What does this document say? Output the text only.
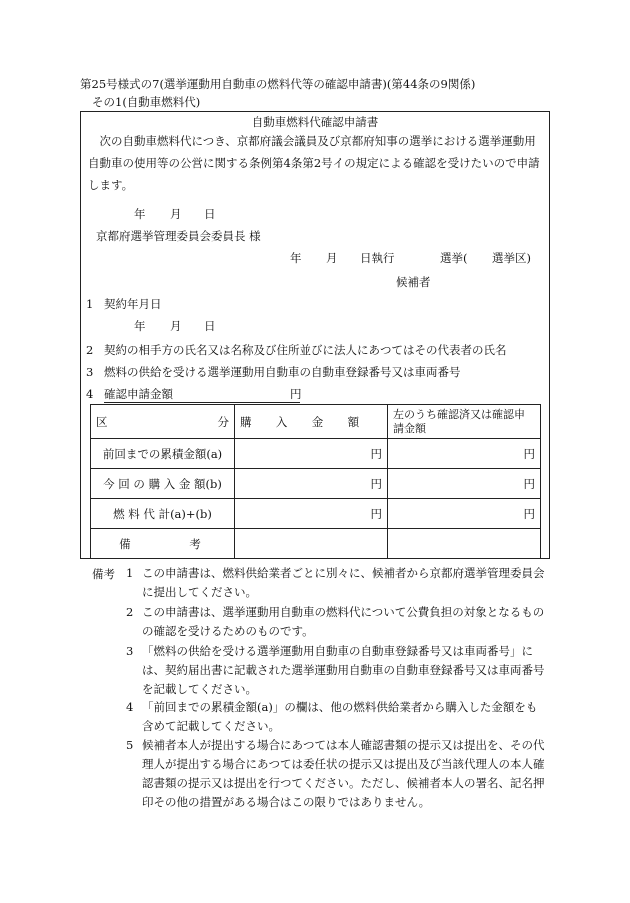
第25号様式の7(選挙運動用自動車の燃料代等の確認申請書)(第44条の9関係)
その1(自動車燃料代)
自動車燃料代確認申請書
次の自動車燃料代につき、京都府議会議員及び京都府知事の選挙における選挙運動用自動車の使用等の公営に関する条例第4条第2号イの規定による確認を受けたいので申請します。
年 月 日
京都府選挙管理委員会委員長 様
年 月 日執行	選挙( 選挙区)
候補者
1 契約年月日
年 月 日
2 契約の相手方の氏名又は名称及び住所並びに法人にあつてはその代表者の氏名
3 燃料の供給を受ける選挙運動用自動車の自動車登録番号又は車両番号
4 確認申請金額	円
区 分	購 入 金 額	左のうち確認済又は確認申請金額
前回までの累積金額(a)	円	円
今 回 の 購 入 金 額(b)	円	円
燃 料 代 計(a)+(b)	円	円
備 考		
備考 1 この申請書は、燃料供給業者ごとに別々に、候補者から京都府選挙管理委員会に提出してください。
2 この申請書は、選挙運動用自動車の燃料代について公費負担の対象となるものの確認を受けるためのものです。
3 「燃料の供給を受ける選挙運動用自動車の自動車登録番号又は車両番号」には、契約届出書に記載された選挙運動用自動車の自動車登録番号又は車両番号を記載してください。
4 「前回までの累積金額(a)」の欄は、他の燃料供給業者から購入した金額をも含めて記載してください。
5 候補者本人が提出する場合にあつては本人確認書類の提示又は提出を、その代理人が提出する場合にあつては委任状の提示又は提出及び当該代理人の本人確認書類の提示又は提出を行つてください。ただし、候補者本人の署名、記名押印その他の措置がある場合はこの限りではありません。
